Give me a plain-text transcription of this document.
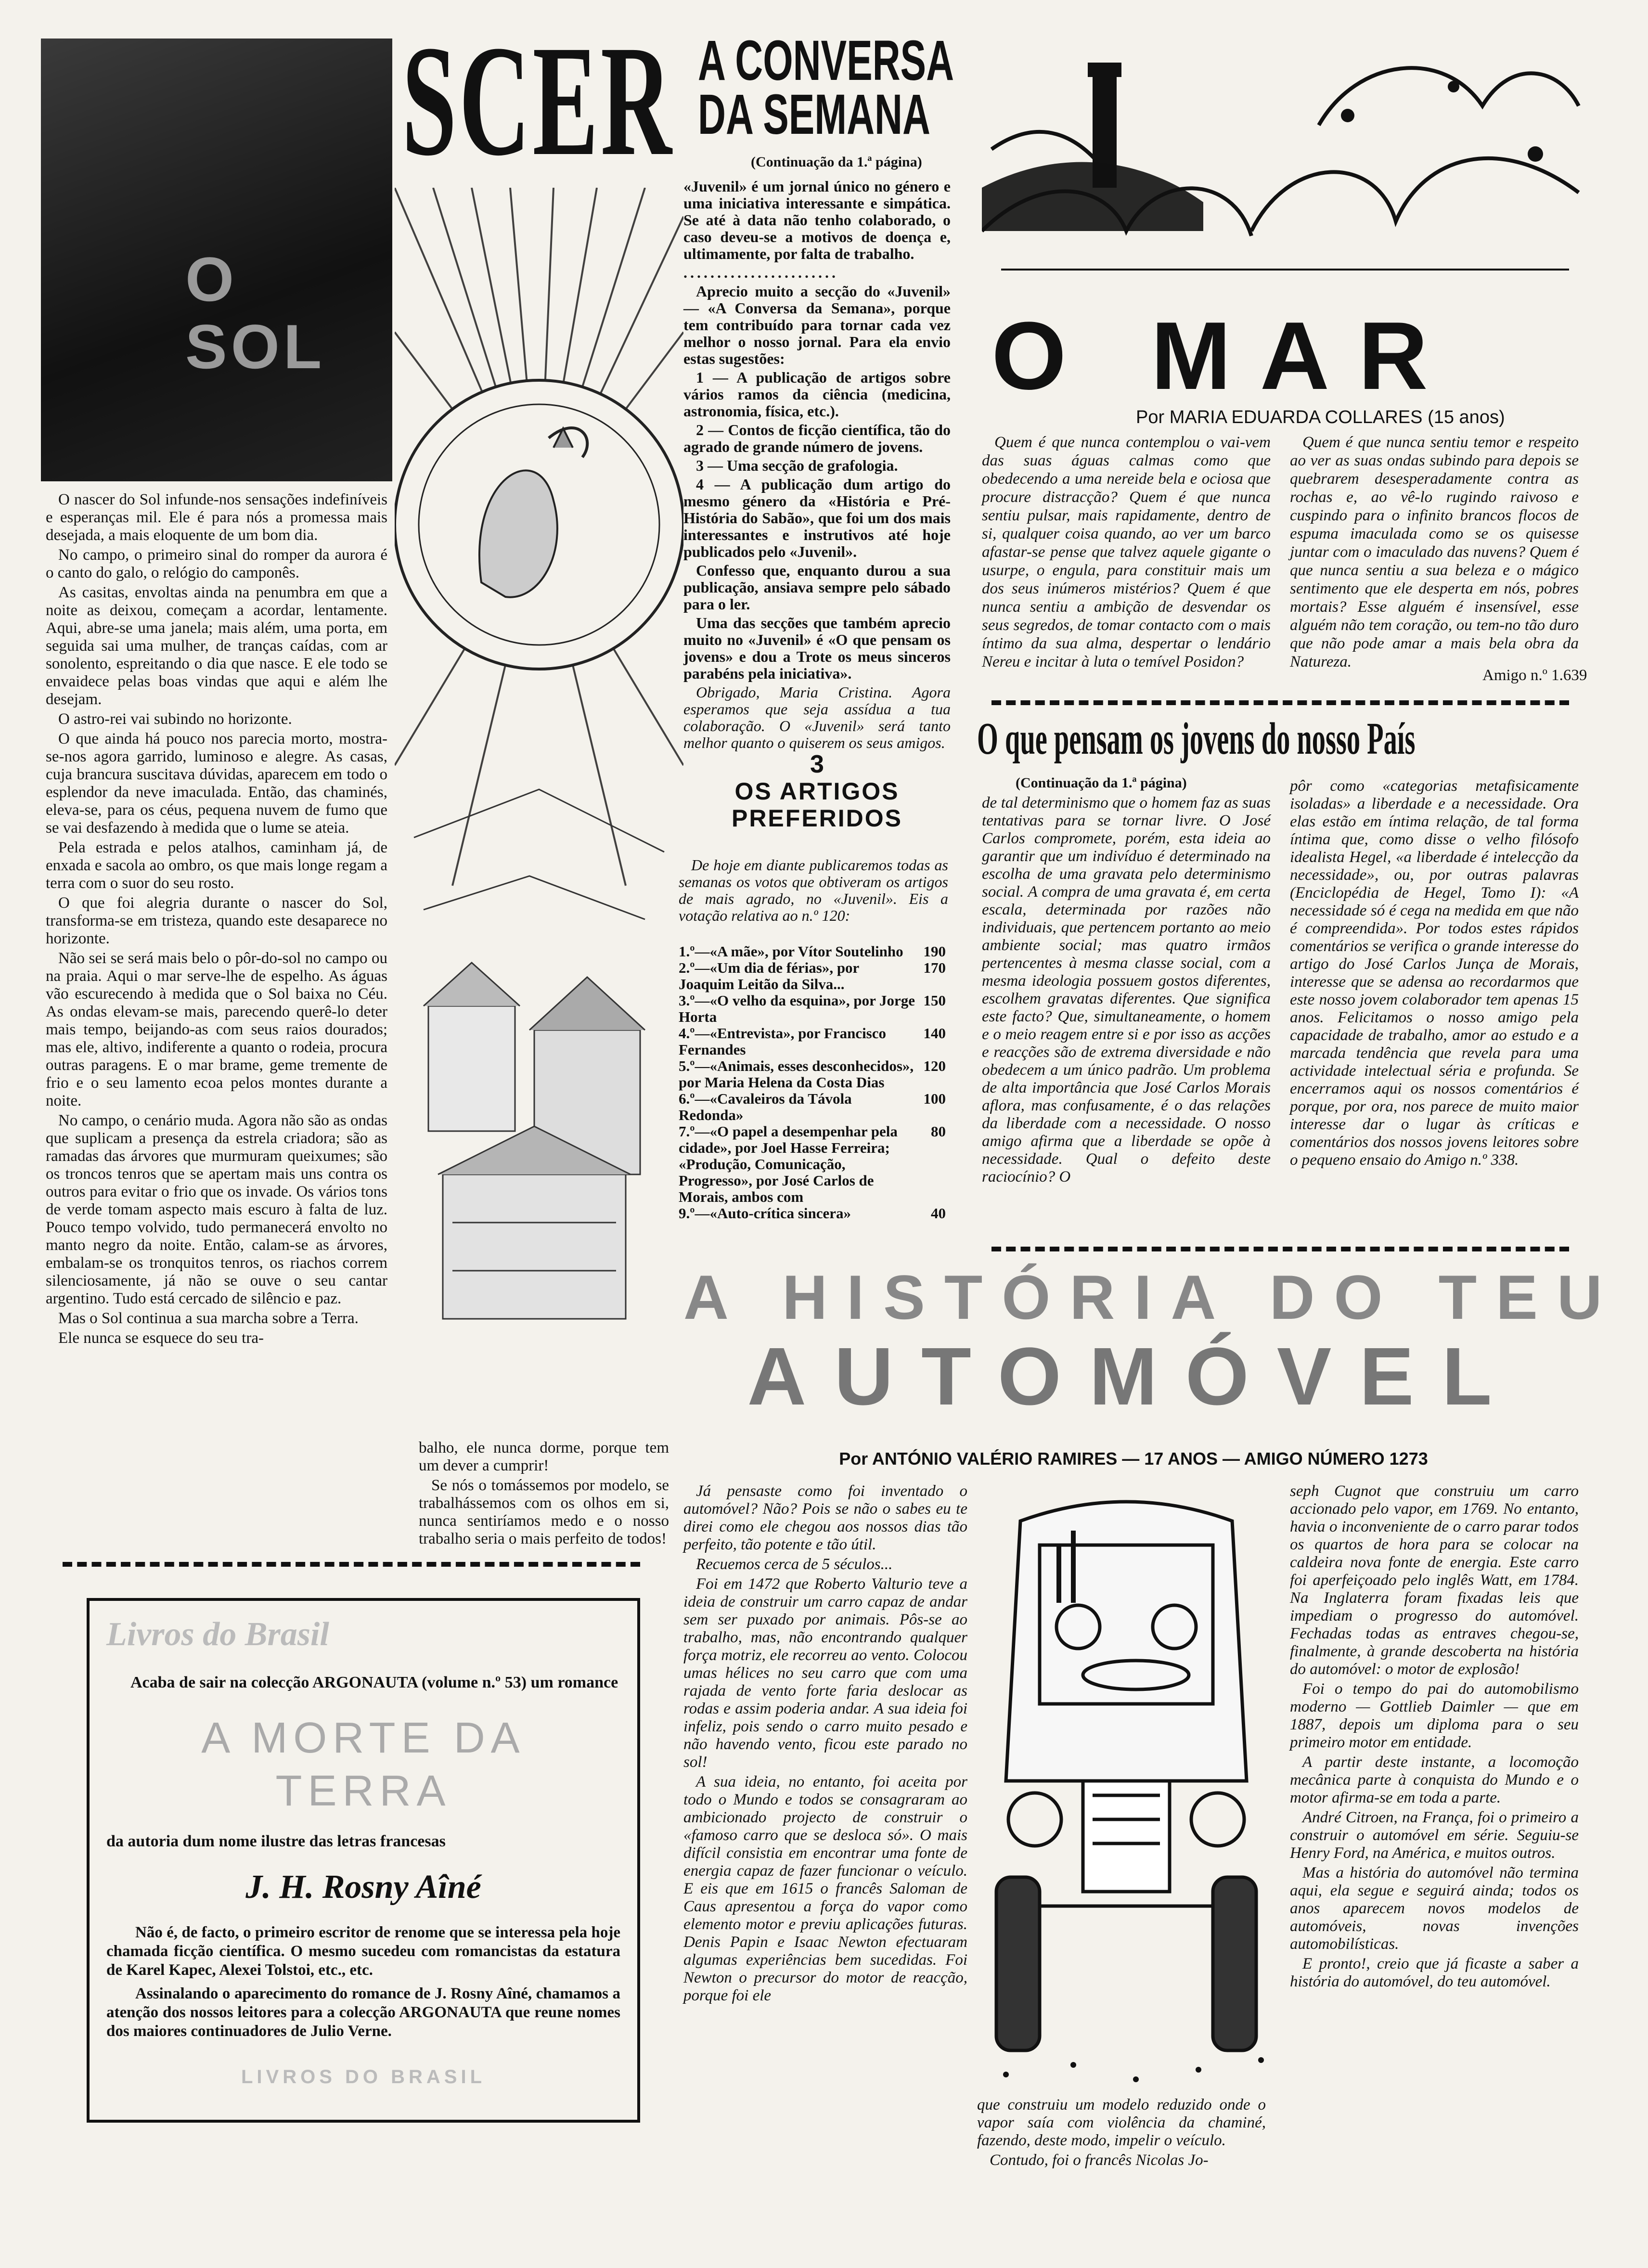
O SOL
SCER

O nascer do Sol infunde-nos sensações indefiníveis e esperanças mil. Ele é para nós a promessa mais desejada, a mais eloquente de um bom dia.

No campo, o primeiro sinal do romper da aurora é o canto do galo, o relógio do camponês.

As casitas, envoltas ainda na penumbra em que a noite as deixou, começam a acordar, lentamente. Aqui, abre-se uma janela; mais além, uma porta, em seguida sai uma mulher, de tranças caídas, com ar sonolento, espreitando o dia que nasce. E ele todo se envaidece pelas boas vindas que aqui e além lhe desejam.

O astro-rei vai subindo no horizonte.

O que ainda há pouco nos parecia morto, mostra-se-nos agora garrido, luminoso e alegre. As casas, cuja brancura suscitava dúvidas, aparecem em todo o esplendor da neve imaculada. Então, das chaminés, eleva-se, para os céus, pequena nuvem de fumo que se vai desfazendo à medida que o lume se ateia.

Pela estrada e pelos atalhos, caminham já, de enxada e sacola ao ombro, os que mais longe regam a terra com o suor do seu rosto.

O que foi alegria durante o nascer do Sol, transforma-se em tristeza, quando este desaparece no horizonte.

Não sei se será mais belo o pôr-do-sol no campo ou na praia. Aqui o mar serve-lhe de espelho. As águas vão escurecendo à medida que o Sol baixa no Céu. As ondas elevam-se mais, parecendo querê-lo deter mais tempo, beijando-as com seus raios dourados; mas ele, altivo, indiferente a quanto o rodeia, procura outras paragens. E o mar brame, geme tremente de frio e o seu lamento ecoa pelos montes durante a noite.

No campo, o cenário muda. Agora não são as ondas que suplicam a presença da estrela criadora; são as ramadas das árvores que murmuram queixumes; são os troncos tenros que se apertam mais uns contra os outros para evitar o frio que os invade. Os vários tons de verde tomam aspecto mais escuro à falta de luz. Pouco tempo volvido, tudo permanecerá envolto no manto negro da noite. Então, calam-se as árvores, embalam-se os tronquitos tenros, os riachos correm silenciosamente, já não se ouve o seu cantar argentino. Tudo está cercado de silêncio e paz.

Mas o Sol continua a sua marcha sobre a Terra.

Ele nunca se esquece do seu tra-

balho, ele nunca dorme, porque tem um dever a cumprir!

Se nós o tomássemos por modelo, se trabalhássemos com os olhos em si, nunca sentiríamos medo e o nosso trabalho seria o mais perfeito de todos!

Livros do Brasil
Acaba de sair na colecção ARGONAUTA (volume n.º 53) um romance
A MORTE DA TERRA
da autoria dum nome ilustre das letras francesas
J. H. Rosny Aîné
Não é, de facto, o primeiro escritor de renome que se interessa pela hoje chamada ficção científica. O mesmo sucedeu com romancistas da estatura de Karel Kapec, Alexei Tolstoi, etc., etc.
Assinalando o aparecimento do romance de J. Rosny Aîné, chamamos a atenção dos nossos leitores para a colecção ARGONAUTA que reune nomes dos maiores continuadores de Julio Verne.
LIVROS DO BRASIL
A CONVERSA
DA SEMANA
(Continuação da 1.ª página)

«Juvenil» é um jornal único no género e uma iniciativa interessante e simpática. Se até à data não tenho colaborado, o caso deveu-se a motivos de doença e, ultimamente, por falta de trabalho.

.......................

Aprecio muito a secção do «Juvenil» — «A Conversa da Semana», porque tem contribuído para tornar cada vez melhor o nosso jornal. Para ela envio estas sugestões:

1 — A publicação de artigos sobre vários ramos da ciência (medicina, astronomia, física, etc.).

2 — Contos de ficção científica, tão do agrado de grande número de jovens.

3 — Uma secção de grafologia.

4 — A publicação dum artigo do mesmo género da «História e Pré-História do Sabão», que foi um dos mais interessantes e instrutivos até hoje publicados pelo «Juvenil».

Confesso que, enquanto durou a sua publicação, ansiava sempre pelo sábado para o ler.

Uma das secções que também aprecio muito no «Juvenil» é «O que pensam os jovens» e dou a Trote os meus sinceros parabéns pela iniciativa».

Obrigado, Maria Cristina. Agora esperamos que seja assídua a tua colaboração. O «Juvenil» será tanto melhor quanto o quiserem os seus amigos.

3
OS ARTIGOS
PREFERIDOS
De hoje em diante publicaremos todas as semanas os votos que obtiveram os artigos de mais agrado, no «Juvenil». Eis a votação relativa ao n.º 120:
1.º—«A mãe», por Vítor Soutelinho	190
2.º—«Um dia de férias», por Joaquim Leitão da Silva...
170
3.º—«O velho da esquina», por Jorge Horta
150
4.º—«Entrevista», por Francisco Fernandes
140
5.º—«Animais, esses desconhecidos», por Maria Helena da Costa Dias
120
6.º—«Cavaleiros da Távola Redonda»
100
7.º—«O papel a desempenhar pela cidade», por Joel Hasse Ferreira; «Produção, Comunicação, Progresso», por José Carlos de Morais, ambos com
80
9.º—«Auto-crítica sincera»	40
O MAR
Por MARIA EDUARDA COLLARES (15 anos)
Quem é que nunca contemplou o vai-vem das suas águas calmas como que obedecendo a uma nereide bela e ociosa que procure distracção? Quem é que nunca sentiu pulsar, mais rapidamente, dentro de si, qualquer coisa quando, ao ver um barco afastar-se pense que talvez aquele gigante o usurpe, o engula, para constituir mais um dos seus inúmeros mistérios? Quem é que nunca sentiu a ambição de desvendar os seus segredos, de tomar contacto com o mais íntimo da sua alma, despertar o lendário Nereu e incitar à luta o temível Posidon?
Quem é que nunca sentiu temor e respeito ao ver as suas ondas subindo para depois se quebrarem desesperadamente contra as rochas e, ao vê-lo rugindo raivoso e cuspindo para o infinito brancos flocos de espuma imaculada como se os quisesse juntar com o imaculado das nuvens? Quem é que nunca sentiu a sua beleza e o mágico sentimento que ele desperta em nós, pobres mortais? Esse alguém é insensível, esse alguém não tem coração, ou tem-no tão duro que não pode amar a mais bela obra da Natureza.
Amigo n.º 1.639
O que pensam os jovens do nosso País
(Continuação da 1.ª página)
de tal determinismo que o homem faz as suas tentativas para se tornar livre. O José Carlos compromete, porém, esta ideia ao garantir que um indivíduo é determinado na escolha de uma gravata pelo determinismo social. A compra de uma gravata é, em certa escala, determinada por razões não individuais, que pertencem portanto ao meio ambiente social; mas quatro irmãos pertencentes à mesma classe social, com a mesma ideologia possuem gostos diferentes, escolhem gravatas diferentes. Que significa este facto? Que, simultaneamente, o homem e o meio reagem entre si e por isso as acções e reacções são de extrema diversidade e não obedecem a um único padrão. Um problema de alta importância que José Carlos Morais aflora, mas confusamente, é o das relações da liberdade com a necessidade. O nosso amigo afirma que a liberdade se opõe à necessidade. Qual o defeito deste raciocínio? O
pôr como «categorias metafisicamente isoladas» a liberdade e a necessidade. Ora elas estão em íntima relação, de tal forma íntima que, como disse o velho filósofo idealista Hegel, «a liberdade é intelecção da necessidade», ou, por outras palavras (Enciclopédia de Hegel, Tomo I): «A necessidade só é cega na medida em que não é compreendida». Por todos estes rápidos comentários se verifica o grande interesse do artigo do José Carlos Junça de Morais, interesse que se adensa ao recordarmos que este nosso jovem colaborador tem apenas 15 anos. Felicitamos o nosso amigo pela capacidade de trabalho, amor ao estudo e a marcada tendência que revela para uma actividade intelectual séria e profunda. Se encerramos aqui os nossos comentários é porque, por ora, nos parece de muito maior interesse dar o lugar às críticas e comentários dos nossos jovens leitores sobre o pequeno ensaio do Amigo n.º 338.
A HISTÓRIA DO TEU
AUTOMÓVEL
Por ANTÓNIO VALÉRIO RAMIRES — 17 ANOS — AMIGO NÚMERO 1273

Já pensaste como foi inventado o automóvel? Não? Pois se não o sabes eu te direi como ele chegou aos nossos dias tão perfeito, tão potente e tão útil.

Recuemos cerca de 5 séculos...

Foi em 1472 que Roberto Valturio teve a ideia de construir um carro capaz de andar sem ser puxado por animais. Pôs-se ao trabalho, mas, não encontrando qualquer força motriz, ele recorreu ao vento. Colocou umas hélices no seu carro que com uma rajada de vento forte faria deslocar as rodas e assim poderia andar. A sua ideia foi infeliz, pois sendo o carro muito pesado e não havendo vento, ficou este parado no sol!

A sua ideia, no entanto, foi aceita por todo o Mundo e todos se consagraram ao ambicionado projecto de construir o «famoso carro que se desloca só». O mais difícil consistia em encontrar uma fonte de energia capaz de fazer funcionar o veículo. E eis que em 1615 o francês Saloman de Caus apresentou a força do vapor como elemento motor e previu aplicações futuras. Denis Papin e Isaac Newton efectuaram algumas experiências bem sucedidas. Foi Newton o precursor do motor de reacção, porque foi ele

que construiu um modelo reduzido onde o vapor saía com violência da chaminé, fazendo, deste modo, impelir o veículo.

Contudo, foi o francês Nicolas Jo-

seph Cugnot que construiu um carro accionado pelo vapor, em 1769. No entanto, havia o inconveniente de o carro parar todos os quartos de hora para se colocar na caldeira nova fonte de energia. Este carro foi aperfeiçoado pelo inglês Watt, em 1784. Na Inglaterra foram fixadas leis que impediam o progresso do automóvel. Fechadas todas as entraves chegou-se, finalmente, à grande descoberta na história do automóvel: o motor de explosão!

Foi o tempo do pai do automobilismo moderno — Gottlieb Daimler — que em 1887, depois um diploma para o seu primeiro motor em entidade.

A partir deste instante, a locomoção mecânica parte à conquista do Mundo e o motor afirma-se em toda a parte.

André Citroen, na França, foi o primeiro a construir o automóvel em série. Seguiu-se Henry Ford, na América, e muitos outros.

Mas a história do automóvel não termina aqui, ela segue e seguirá ainda; todos os anos aparecem novos modelos de automóveis, novas invenções automobilísticas.

E pronto!, creio que já ficaste a saber a história do automóvel, do teu automóvel.
